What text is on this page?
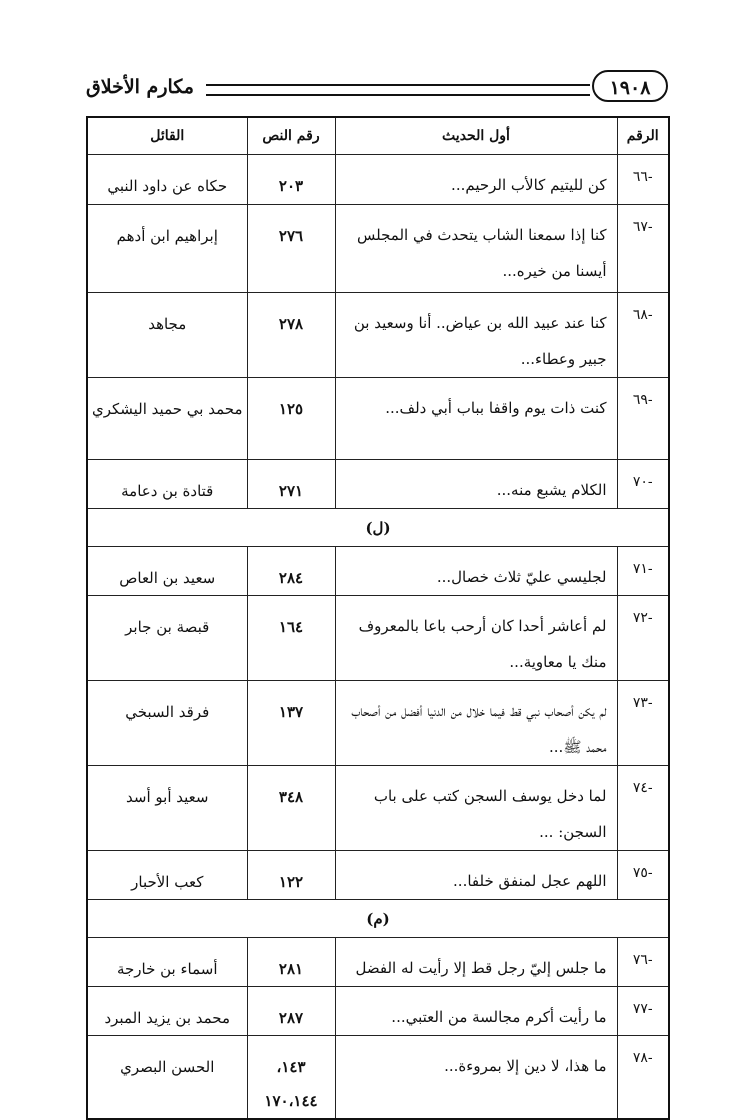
مكارم الأخلاق	١٩٠٨
الرقم	أول الحديث	رقم النص	القائل
-٦٦	كن لليتيم كالأب الرحيم...	٢٠٣	حكاه عن داود النبي
-٦٧	كنا إذا سمعنا الشاب يتحدث في المجلس أيسنا من خيره...	٢٧٦	إبراهيم ابن أدهم
-٦٨	كنا عند عبيد الله بن عياض.. أنا وسعيد بن جبير وعطاء...	٢٧٨	مجاهد
-٦٩	كنت ذات يوم واقفا بباب أبي دلف...	١٢٥	محمد بي حميد اليشكري
-٧٠	الكلام يشبع منه...	٢٧١	قتادة بن دعامة
(ل)			
-٧١	لجليسي عليّ ثلاث خصال...	٢٨٤	سعيد بن العاص
-٧٢	لم أعاشر أحدا كان أرحب باعا بالمعروف منك يا معاوية...	١٦٤	قبصة بن جابر
-٧٣	لم يكن أصحاب نبي قط فيما خلال من الدنيا أفضل من أصحاب محمد ﷺ...	١٣٧	فرقد السبخي
-٧٤	لما دخل يوسف السجن كتب على باب السجن: ...	٣٤٨	سعيد أبو أسد
-٧٥	اللهم عجل لمنفق خلفا...	١٢٢	كعب الأحبار
(م)			
-٧٦	ما جلس إليّ رجل قط إلا رأيت له الفضل	٢٨١	أسماء بن خارجة
-٧٧	ما رأيت أكرم مجالسة من العتبي...	٢٨٧	محمد بن يزيد المبرد
-٧٨	ما هذا، لا دين إلا بمروءة...	١٤٣، ١٧٠،١٤٤	الحسن البصري
